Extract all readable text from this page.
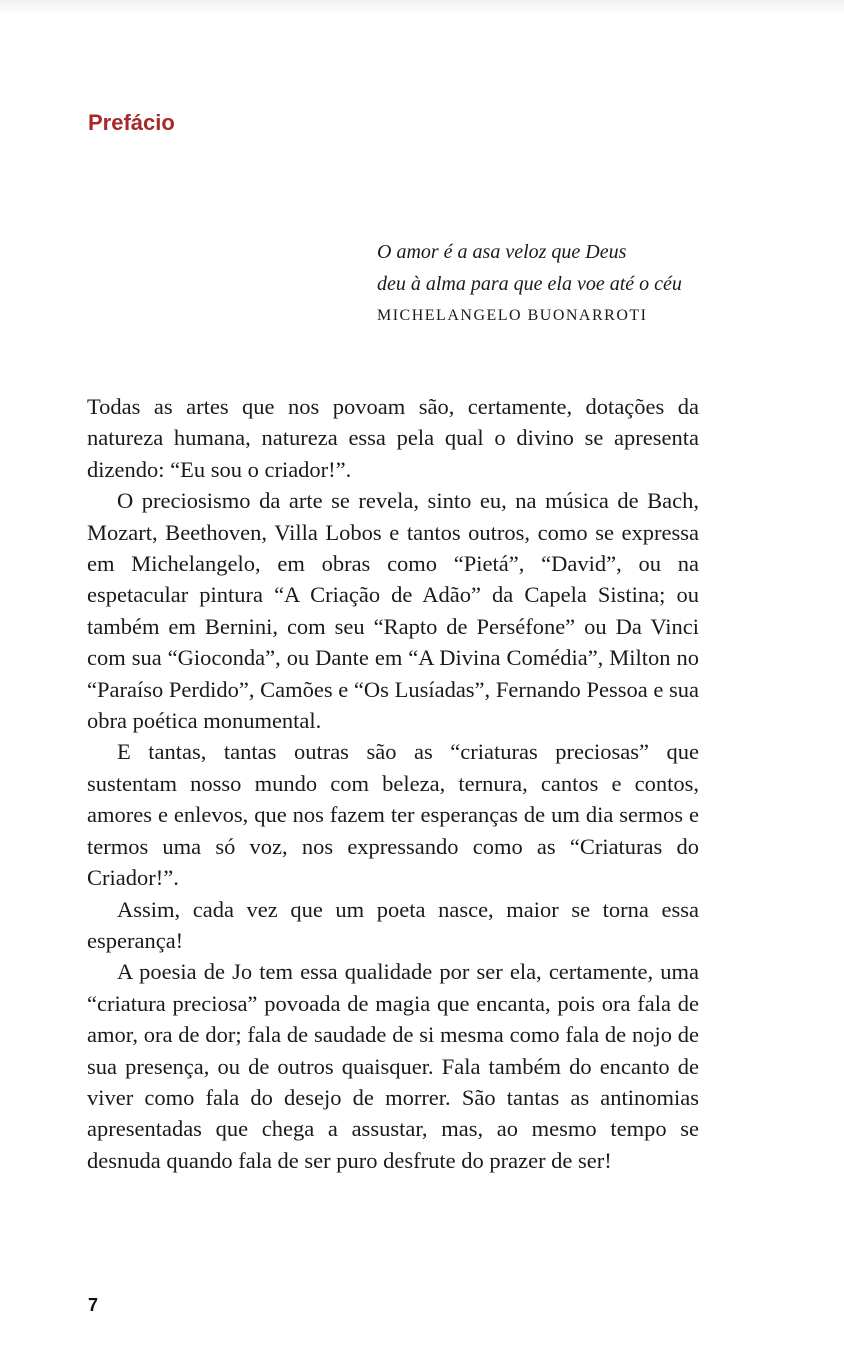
Prefácio

O amor é a asa veloz que Deus

deu à alma para que ela voe até o céu

MICHELANGELO BUONARROTI

Todas as artes que nos povoam são, certamente, dotações da natureza humana, natureza essa pela qual o divino se apresenta dizendo: “Eu sou o criador!”.

O preciosismo da arte se revela, sinto eu, na música de Bach, Mozart, Beethoven, Villa Lobos e tantos outros, como se expressa em Michelangelo, em obras como “Pietá”, “David”, ou na espetacular pintura “A Criação de Adão” da Capela Sistina; ou também em Bernini, com seu “Rapto de Perséfone” ou Da Vinci com sua “Gioconda”, ou Dante em “A Divina Comédia”, Milton no “Paraíso Perdido”, Camões e “Os Lusíadas”, Fernando Pessoa e sua obra poética monumental.

E tantas, tantas outras são as “criaturas preciosas” que sustentam nosso mundo com beleza, ternura, cantos e contos, amores e enlevos, que nos fazem ter esperanças de um dia sermos e termos uma só voz, nos expressando como as “Criaturas do Criador!”.

Assim, cada vez que um poeta nasce, maior se torna essa esperança!

A poesia de Jo tem essa qualidade por ser ela, certamente, uma “criatura preciosa” povoada de magia que encanta, pois ora fala de amor, ora de dor; fala de saudade de si mesma como fala de nojo de sua presença, ou de outros quaisquer. Fala também do encanto de viver como fala do desejo de morrer. São tantas as antinomias apresentadas que chega a assustar, mas, ao mesmo tempo se desnuda quando fala de ser puro desfrute do prazer de ser!

7
